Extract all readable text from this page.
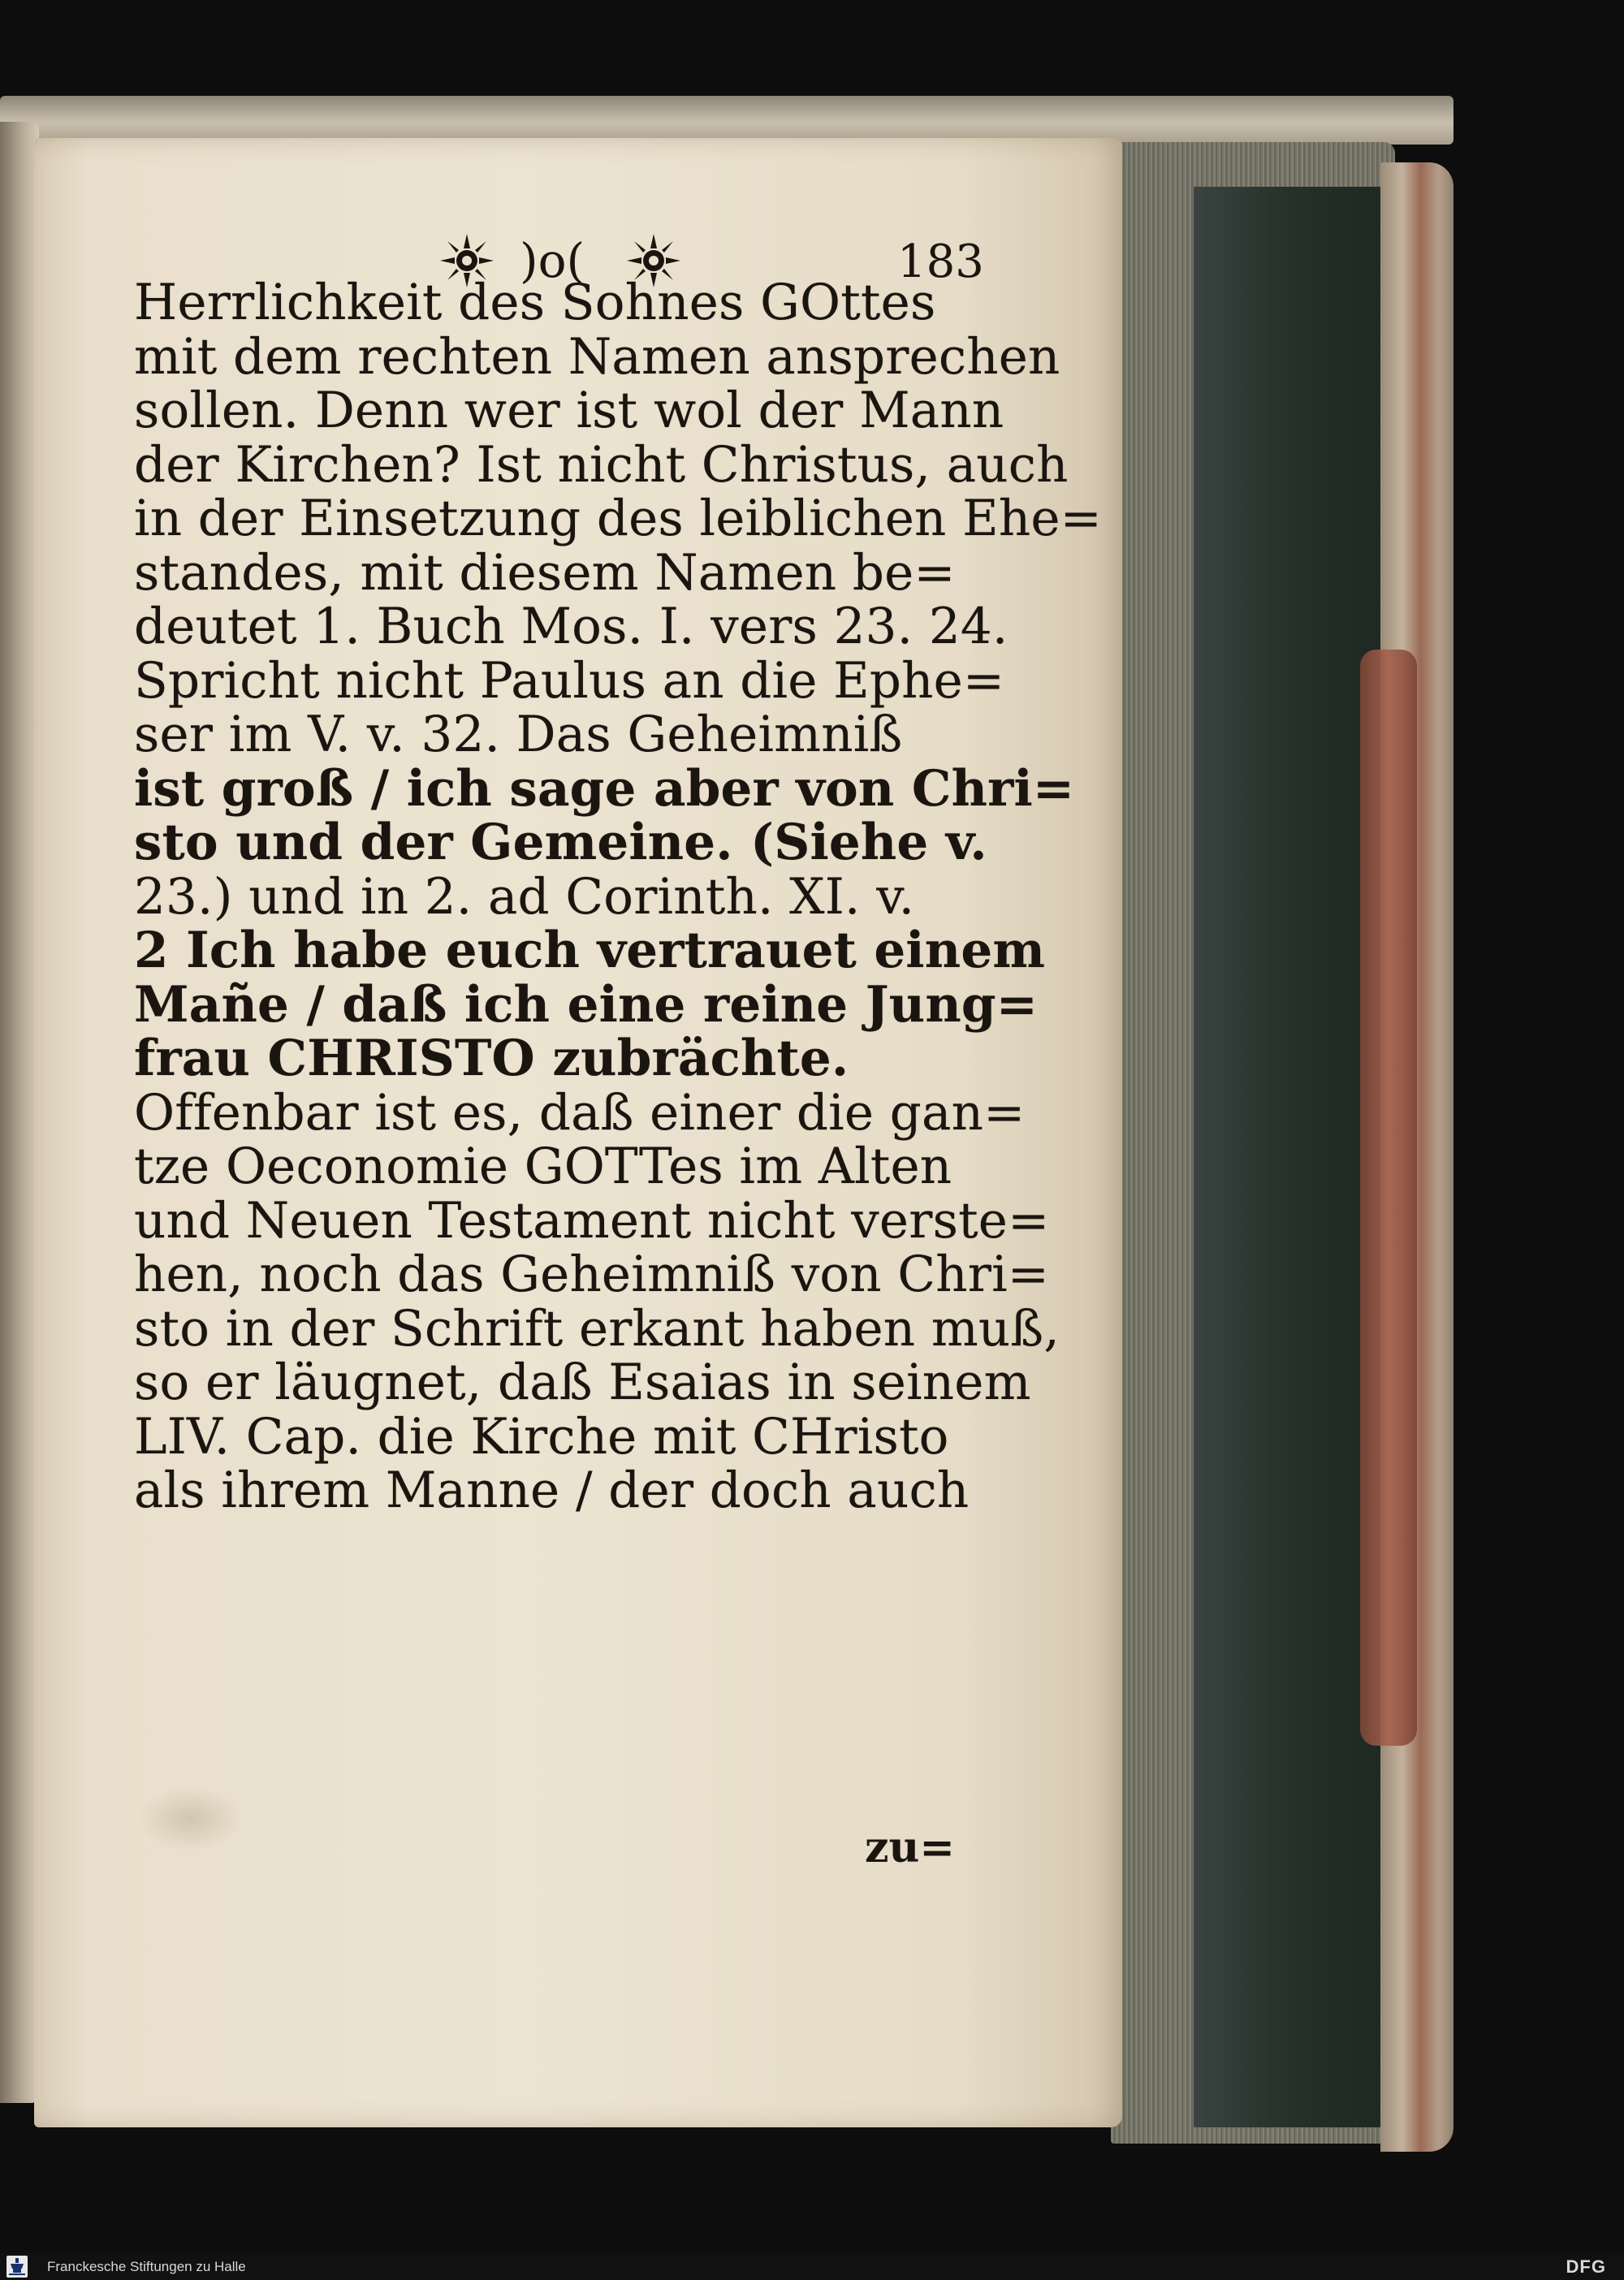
)o(	183
Herrlichkeit des Sohnes GOttes
mit dem rechten Namen ansprechen
sollen. Denn wer ist wol der Mann
der Kirchen? Ist nicht Christus, auch
in der Einsetzung des leiblichen Ehe=
standes, mit diesem Namen be=
deutet 1. Buch Mos. I. vers 23. 24.
Spricht nicht Paulus an die Ephe=
ser im V. v. 32. Das Geheimniß
ist groß / ich sage aber von Chri=
sto und der Gemeine. (Siehe v.
23.) und in 2. ad Corinth. XI. v.
2 Ich habe euch vertrauet einem
Mañe / daß ich eine reine Jung=
frau CHRISTO zubrächte.
Offenbar ist es, daß einer die gan=
tze Oeconomie GOTTes im Alten
und Neuen Testament nicht verste=
hen, noch das Geheimniß von Chri=
sto in der Schrift erkant haben muß,
so er läugnet, daß Esaias in seinem
LIV. Cap. die Kirche mit CHristo
als ihrem Manne / der doch auch
zu=
Franckesche Stiftungen zu Halle	DFG
